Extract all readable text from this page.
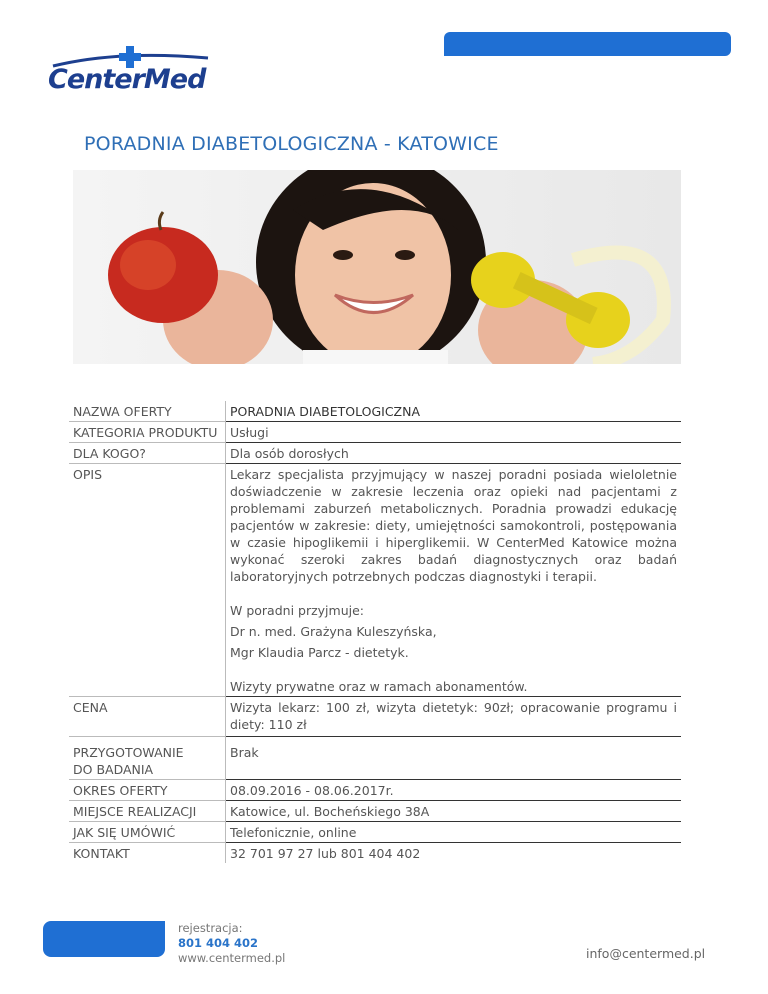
CenterMed
PORADNIA DIABETOLOGICZNA - KATOWICE
NAZWA OFERTY	PORADNIA DIABETOLOGICZNA
KATEGORIA PRODUKTU	Usługi
DLA KOGO?	Dla osób dorosłych
OPIS	Lekarz specjalista przyjmujący w naszej poradni posiada wieloletnie doświadczenie w zakresie leczenia oraz opieki nad pacjentami z problemami zaburzeń metabolicznych. Poradnia prowadzi edukację pacjentów w zakresie: diety, umiejętności samokontroli, postępowania w czasie hipoglikemii i hiperglikemii. W CenterMed Katowice można wykonać szeroki zakres badań diagnostycznych oraz badań laboratoryjnych potrzebnych podczas diagnostyki i terapii.

W poradni przyjmuje:

Dr n. med. Grażyna Kuleszyńska,

Mgr Klaudia Parcz - dietetyk.

Wizyty prywatne oraz w ramach abonamentów.

CENA	Wizyta lekarz: 100 zł, wizyta dietetyk: 90zł; opracowanie programu i diety: 110 zł
PRZYGOTOWANIE
DO BADANIA	Brak
OKRES OFERTY	08.09.2016 - 08.06.2017r.
MIEJSCE REALIZACJI	Katowice, ul. Bocheńskiego 38A
JAK SIĘ UMÓWIĆ	Telefonicznie, online
KONTAKT	32 701 97 27 lub 801 404 402
rejestracja:
801 404 402
www.centermed.pl	info@centermed.pl
